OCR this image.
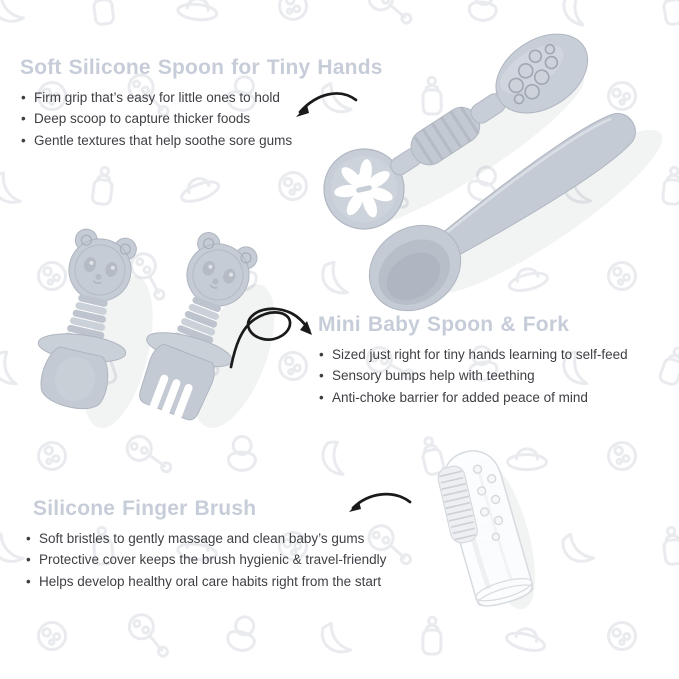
Soft Silicone Spoon for Tiny Hands
• Firm grip that’s easy for little ones to hold
• Deep scoop to capture thicker foods
• Gentle textures that help soothe sore gums
Mini Baby Spoon & Fork
• Sized just right for tiny hands learning to self-feed
• Sensory bumps help with teething
• Anti-choke barrier for added peace of mind
Silicone Finger Brush
• Soft bristles to gently massage and clean baby’s gums
• Protective cover keeps the brush hygienic & travel-friendly
• Helps develop healthy oral care habits right from the start
